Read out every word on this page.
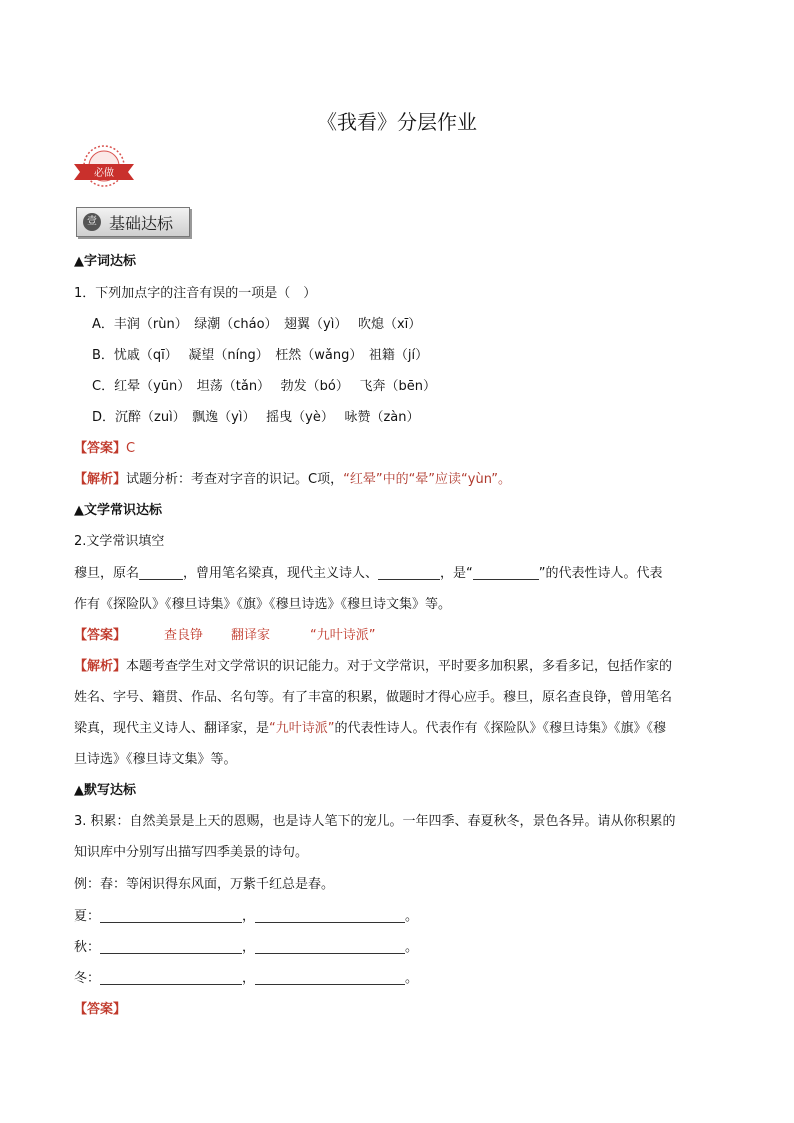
《我看》分层作业
必做
壹 基础达标
▲字词达标
1．下列加点字的注音有误的一项是（　）
A．丰润（rùn）　绿潮（cháo）　翅翼（yì）　 吹熄（xī）
B．忧戚（qī）　 凝望（níng）　枉然（wǎng）　祖籍（jí）
C．红晕（yūn）　坦荡（tǎn）　 勃发（bó）　 飞奔（bēn）
D．沉醉（zuì）　飘逸（yì）　 摇曳（yè）　 咏赞（zàn）
【答案】C
【解析】试题分析：考查对字音的识记。C项，“红晕”中的“晕”应读“yùn”。
▲文学常识达标
2.文学常识填空
穆旦，原名	，曾用笔名梁真，现代主义诗人、	，是“	”的代表性诗人。代表
作有《探险队》《穆旦诗集》《旗》《穆旦诗选》《穆旦诗文集》等。
【答案】	查良铮 翻译家	“九叶诗派”
【解析】本题考查学生对文学常识的识记能力。对于文学常识，平时要多加积累，多看多记，包括作家的
姓名、字号、籍贯、作品、名句等。有了丰富的积累，做题时才得心应手。穆旦，原名查良铮，曾用笔名
梁真，现代主义诗人、翻译家，是“九叶诗派”的代表性诗人。代表作有《探险队》《穆旦诗集》《旗》《穆
旦诗选》《穆旦诗文集》等。
▲默写达标
3. 积累：自然美景是上天的恩赐，也是诗人笔下的宠儿。一年四季、春夏秋冬，景色各异。请从你积累的
知识库中分别写出描写四季美景的诗句。
例：春：等闲识得东风面，万紫千红总是春。
夏：	，	。
秋：	，	。
冬：	，	。
【答案】
